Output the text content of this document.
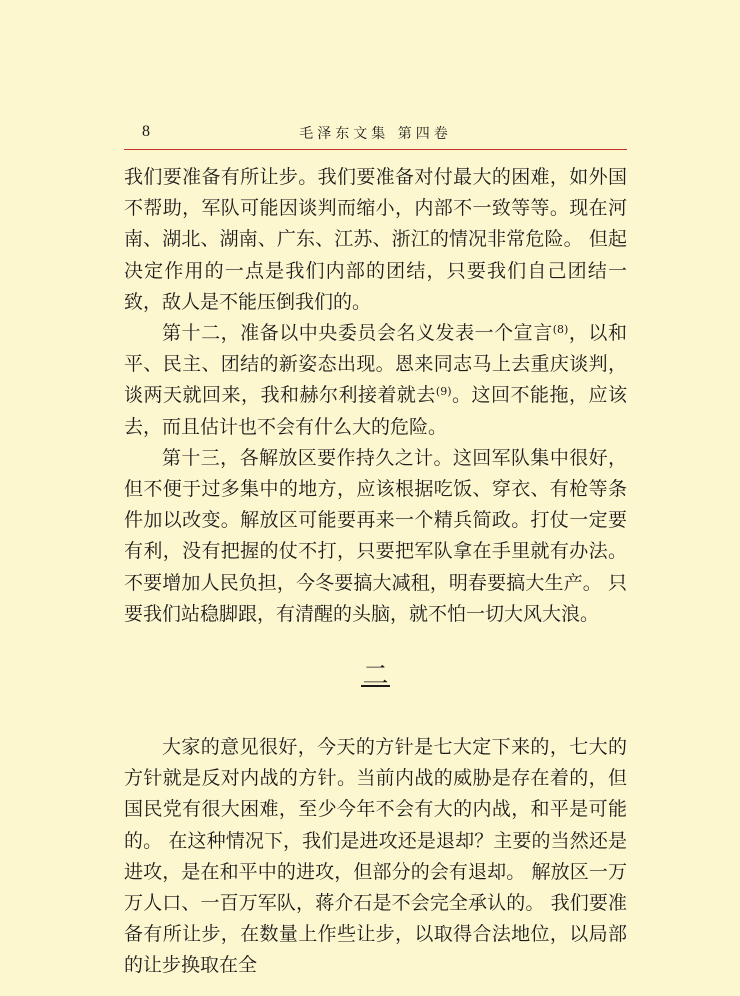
8	毛泽东文集 第四卷

我们要准备有所让步。我们要准备对付最大的困难，如外国不帮助，军队可能因谈判而缩小，内部不一致等等。现在河南、湖北、湖南、广东、江苏、浙江的情况非常危险。 但起决定作用的一点是我们内部的团结，只要我们自己团结一致，敌人是不能压倒我们的。

第十二，准备以中央委员会名义发表一个宣言$^{(8)}$，以和平、民主、团结的新姿态出现。恩来同志马上去重庆谈判，谈两天就回来，我和赫尔利接着就去$^{(9)}$。这回不能拖，应该去，而且估计也不会有什么大的危险。

第十三，各解放区要作持久之计。这回军队集中很好，但不便于过多集中的地方，应该根据吃饭、穿衣、有枪等条件加以改变。解放区可能要再来一个精兵简政。打仗一定要有利，没有把握的仗不打，只要把军队拿在手里就有办法。不要增加人民负担，今冬要搞大减租，明春要搞大生产。 只要我们站稳脚跟，有清醒的头脑，就不怕一切大风大浪。

二

大家的意见很好，今天的方针是七大定下来的，七大的方针就是反对内战的方针。当前内战的威胁是存在着的，但国民党有很大困难，至少今年不会有大的内战，和平是可能的。 在这种情况下，我们是进攻还是退却？主要的当然还是进攻，是在和平中的进攻，但部分的会有退却。 解放区一万万人口、一百万军队，蒋介石是不会完全承认的。 我们要准备有所让步，在数量上作些让步，以取得合法地位，以局部的让步换取在全
